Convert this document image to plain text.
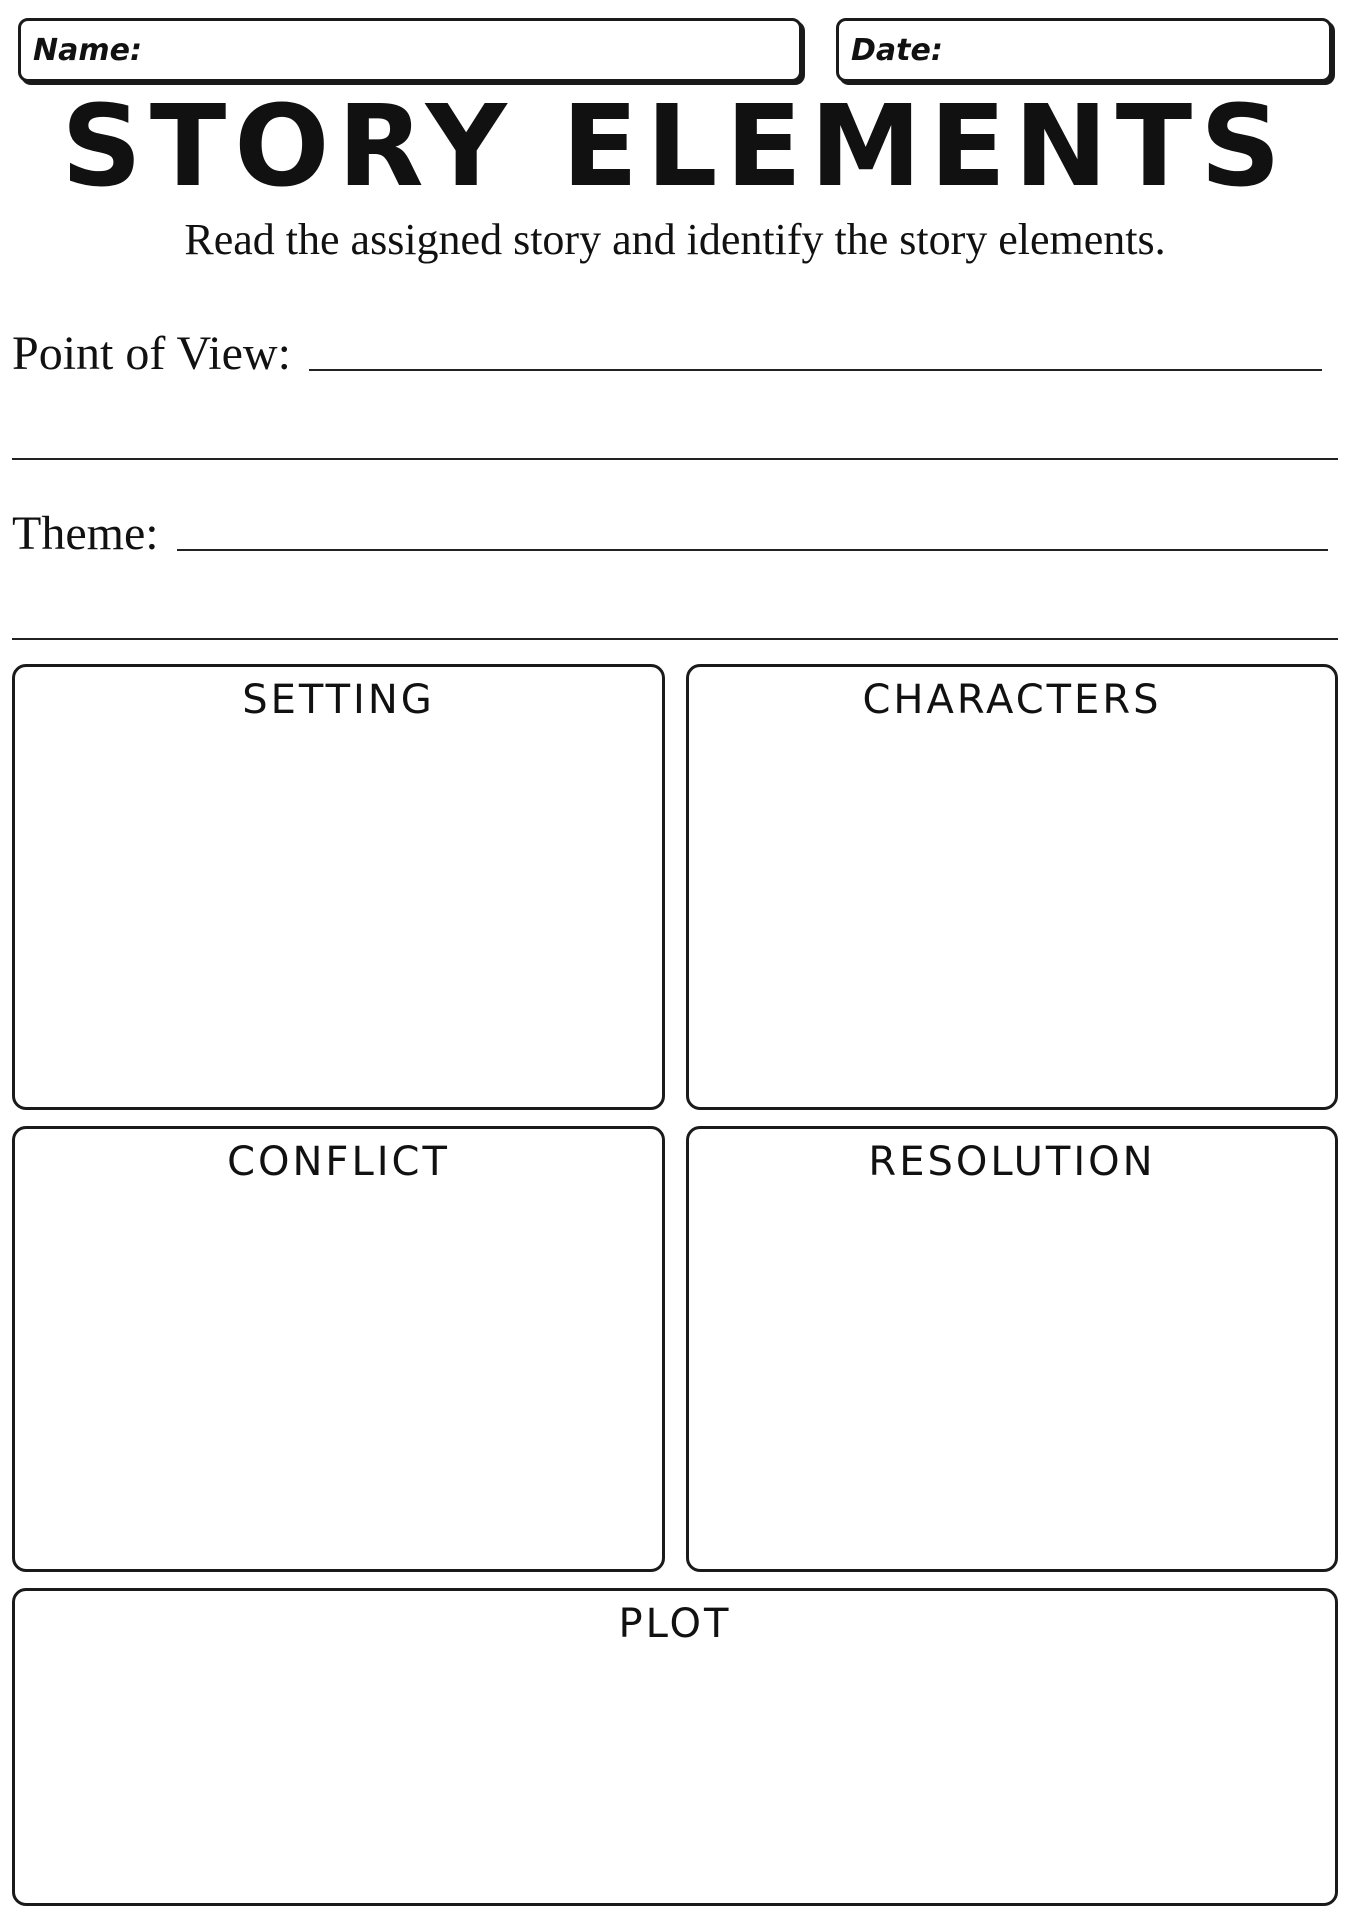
Name:	Date:
STORY ELEMENTS

Read the assigned story and identify the story elements.

Point of View:
Theme:
SETTING	CHARACTERS
CONFLICT	RESOLUTION
PLOT
